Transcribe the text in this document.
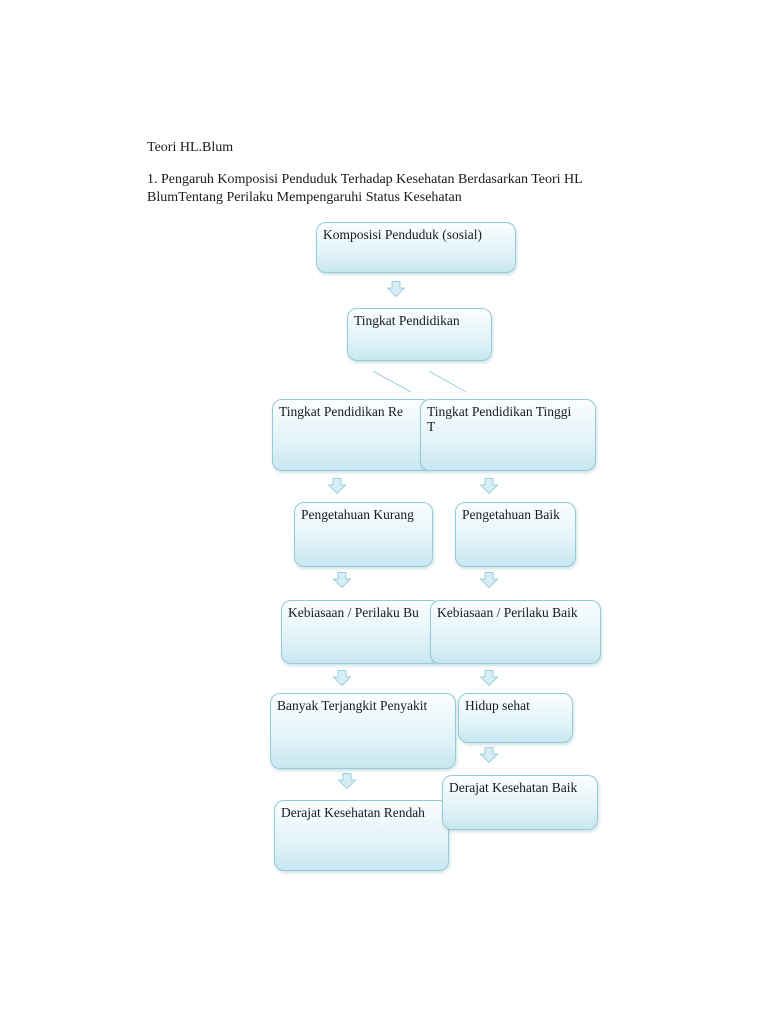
Teori HL.Blum
1. Pengaruh Komposisi Penduduk Terhadap Kesehatan Berdasarkan Teori HL
BlumTentang Perilaku Mempengaruhi Status Kesehatan
Komposisi Penduduk (sosial)
Tingkat Pendidikan
Tingkat Pendidikan Re	Tingkat Pendidikan Tinggi
T
Pengetahuan Kurang	Pengetahuan Baik
Kebiasaan / Perilaku Bu	Kebiasaan / Perilaku Baik
Banyak Terjangkit Penyakit	Hidup sehat
Derajat Kesehatan Rendah
Derajat Kesehatan Baik
